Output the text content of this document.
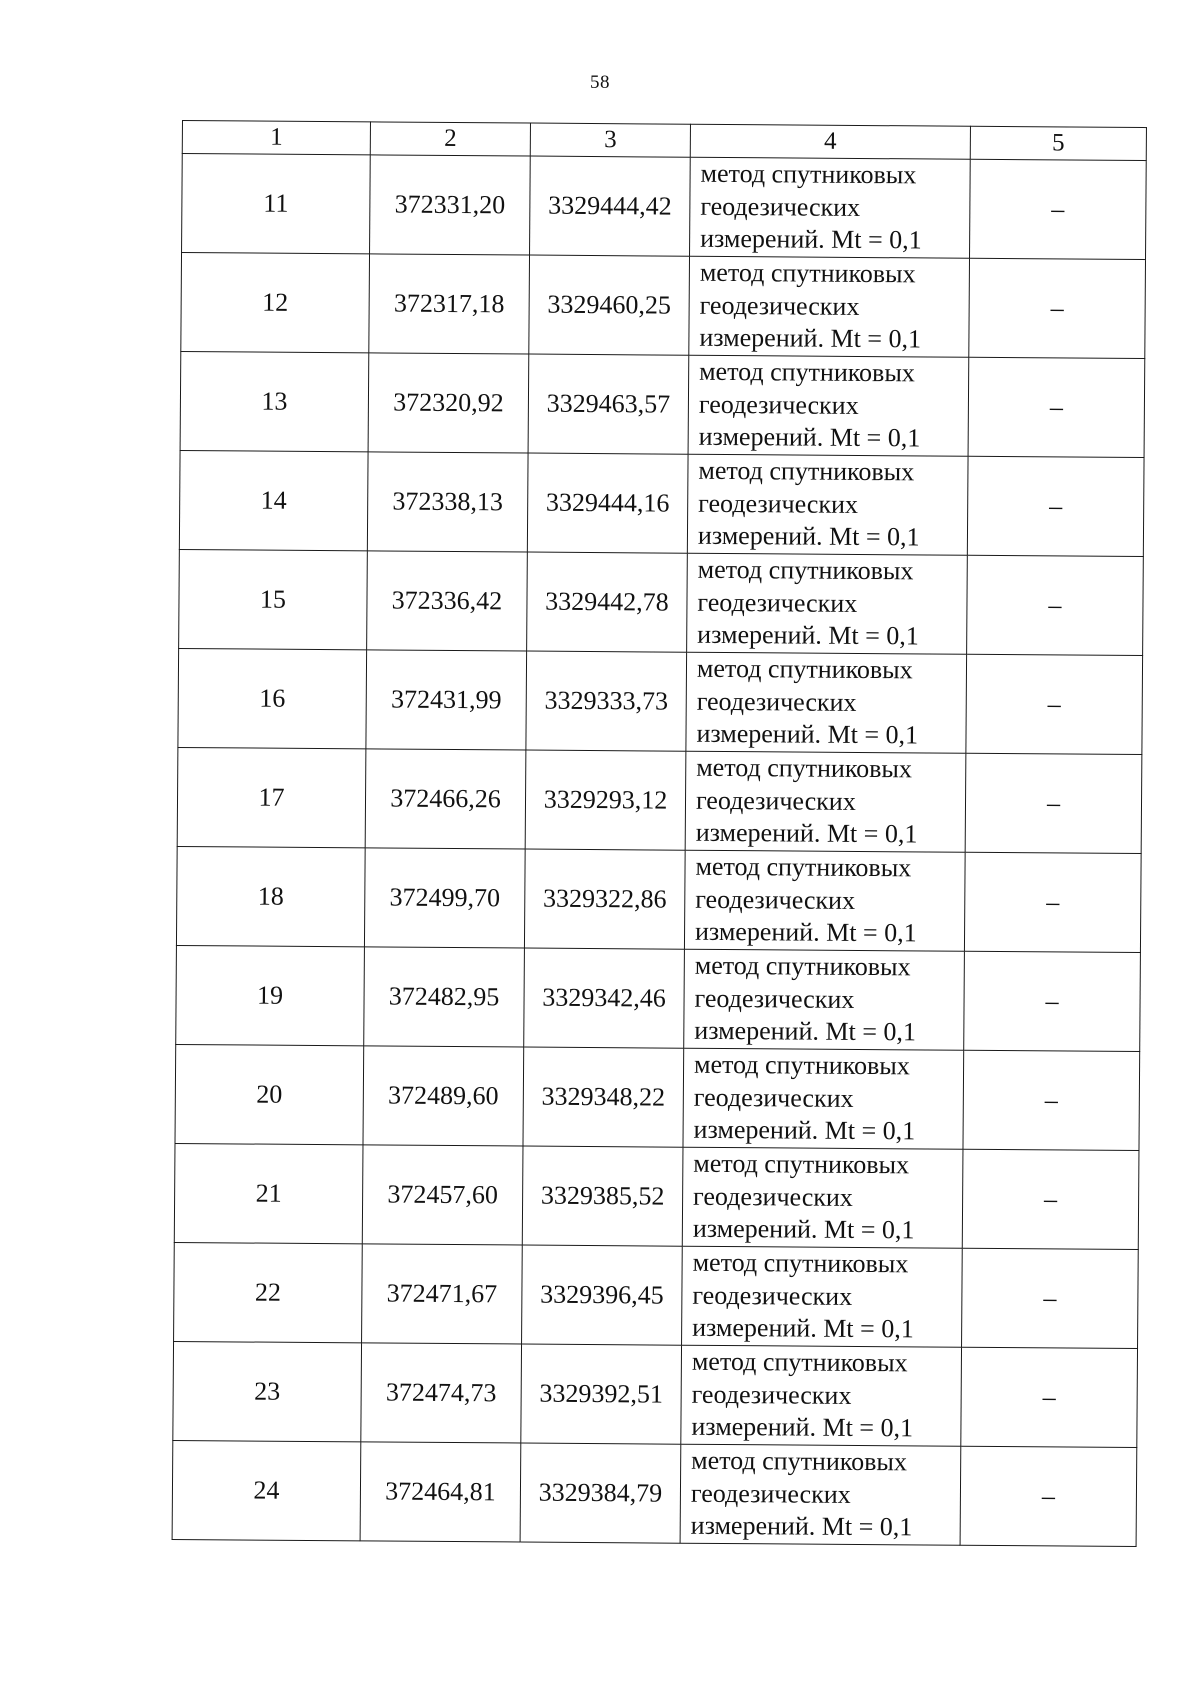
58
1	2	3	4	5
11	372331,20	3329444,42	метод спутниковых
геодезических
измерений. Mt = 0,1	–
12	372317,18	3329460,25	метод спутниковых
геодезических
измерений. Mt = 0,1	–
13	372320,92	3329463,57	метод спутниковых
геодезических
измерений. Mt = 0,1	–
14	372338,13	3329444,16	метод спутниковых
геодезических
измерений. Mt = 0,1	–
15	372336,42	3329442,78	метод спутниковых
геодезических
измерений. Mt = 0,1	–
16	372431,99	3329333,73	метод спутниковых
геодезических
измерений. Mt = 0,1	–
17	372466,26	3329293,12	метод спутниковых
геодезических
измерений. Mt = 0,1	–
18	372499,70	3329322,86	метод спутниковых
геодезических
измерений. Mt = 0,1	–
19	372482,95	3329342,46	метод спутниковых
геодезических
измерений. Mt = 0,1	–
20	372489,60	3329348,22	метод спутниковых
геодезических
измерений. Mt = 0,1	–
21	372457,60	3329385,52	метод спутниковых
геодезических
измерений. Mt = 0,1	–
22	372471,67	3329396,45	метод спутниковых
геодезических
измерений. Mt = 0,1	–
23	372474,73	3329392,51	метод спутниковых
геодезических
измерений. Mt = 0,1	–
24	372464,81	3329384,79	метод спутниковых
геодезических
измерений. Mt = 0,1	–
